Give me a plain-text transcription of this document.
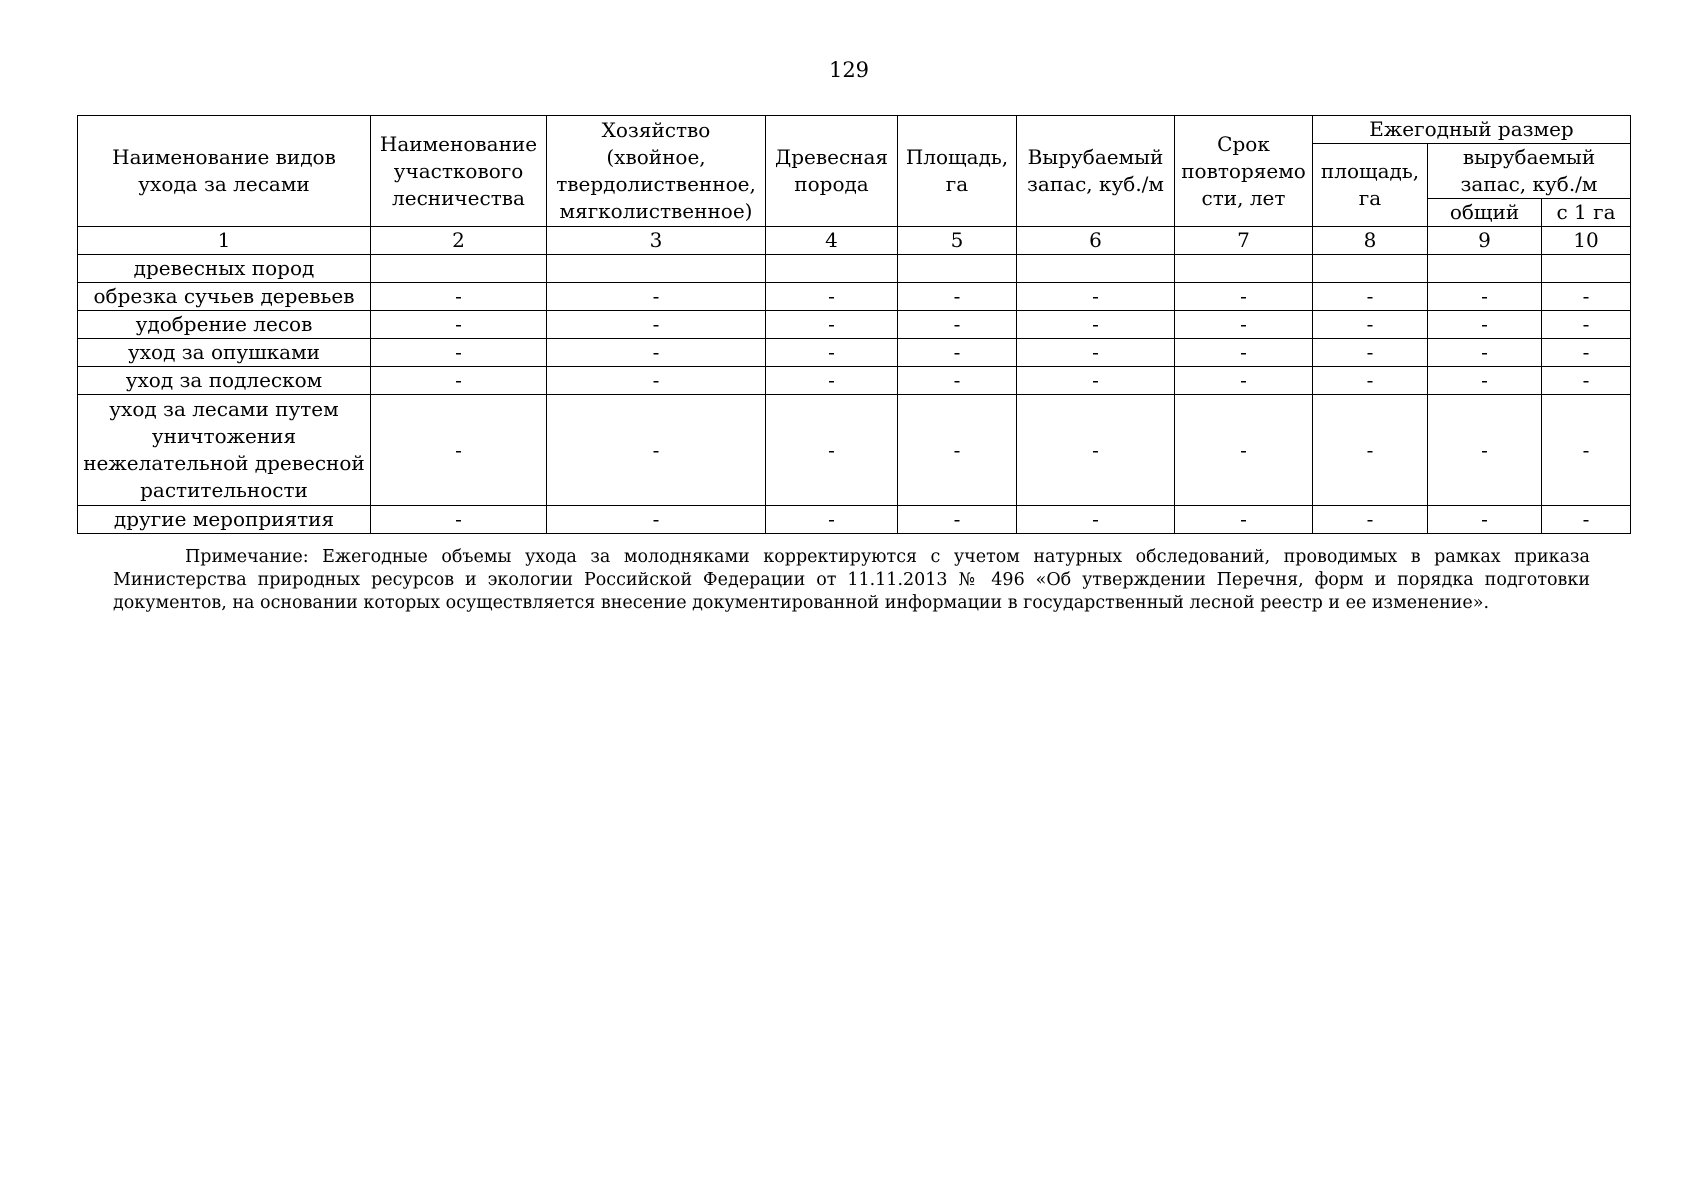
129
Наименование видов ухода за лесами	Наименование участкового лесничества	Хозяйство (хвойное, твердолиственное, мягколиственное)	Древесная порода	Площадь, га	Вырубаемый запас, куб./м	Срок повторяемо сти, лет	Ежегодный размер		
							площадь, га	вырубаемый запас, куб./м	

								общий	с 1 га
1	2	3	4	5	6	7	8	9	10
древесных пород									
обрезка сучьев деревьев	-	-	-	-	-	-	-	-	-
удобрение лесов	-	-	-	-	-	-	-	-	-
уход за опушками	-	-	-	-	-	-	-	-	-
уход за подлеском	-	-	-	-	-	-	-	-	-
уход за лесами путем уничтожения нежелательной древесной растительности	-	-	-	-	-	-	-	-	-
другие мероприятия	-	-	-	-	-	-	-	-	-
Примечание: Ежегодные объемы ухода за молодняками корректируются с учетом натурных обследований, проводимых в рамках приказа Министерства природных ресурсов и экологии Российской Федерации от 11.11.2013 № 496 «Об утверждении Перечня, форм и порядка подготовки документов, на основании которых осуществляется внесение документированной информации в государственный лесной реестр и ее изменение».
